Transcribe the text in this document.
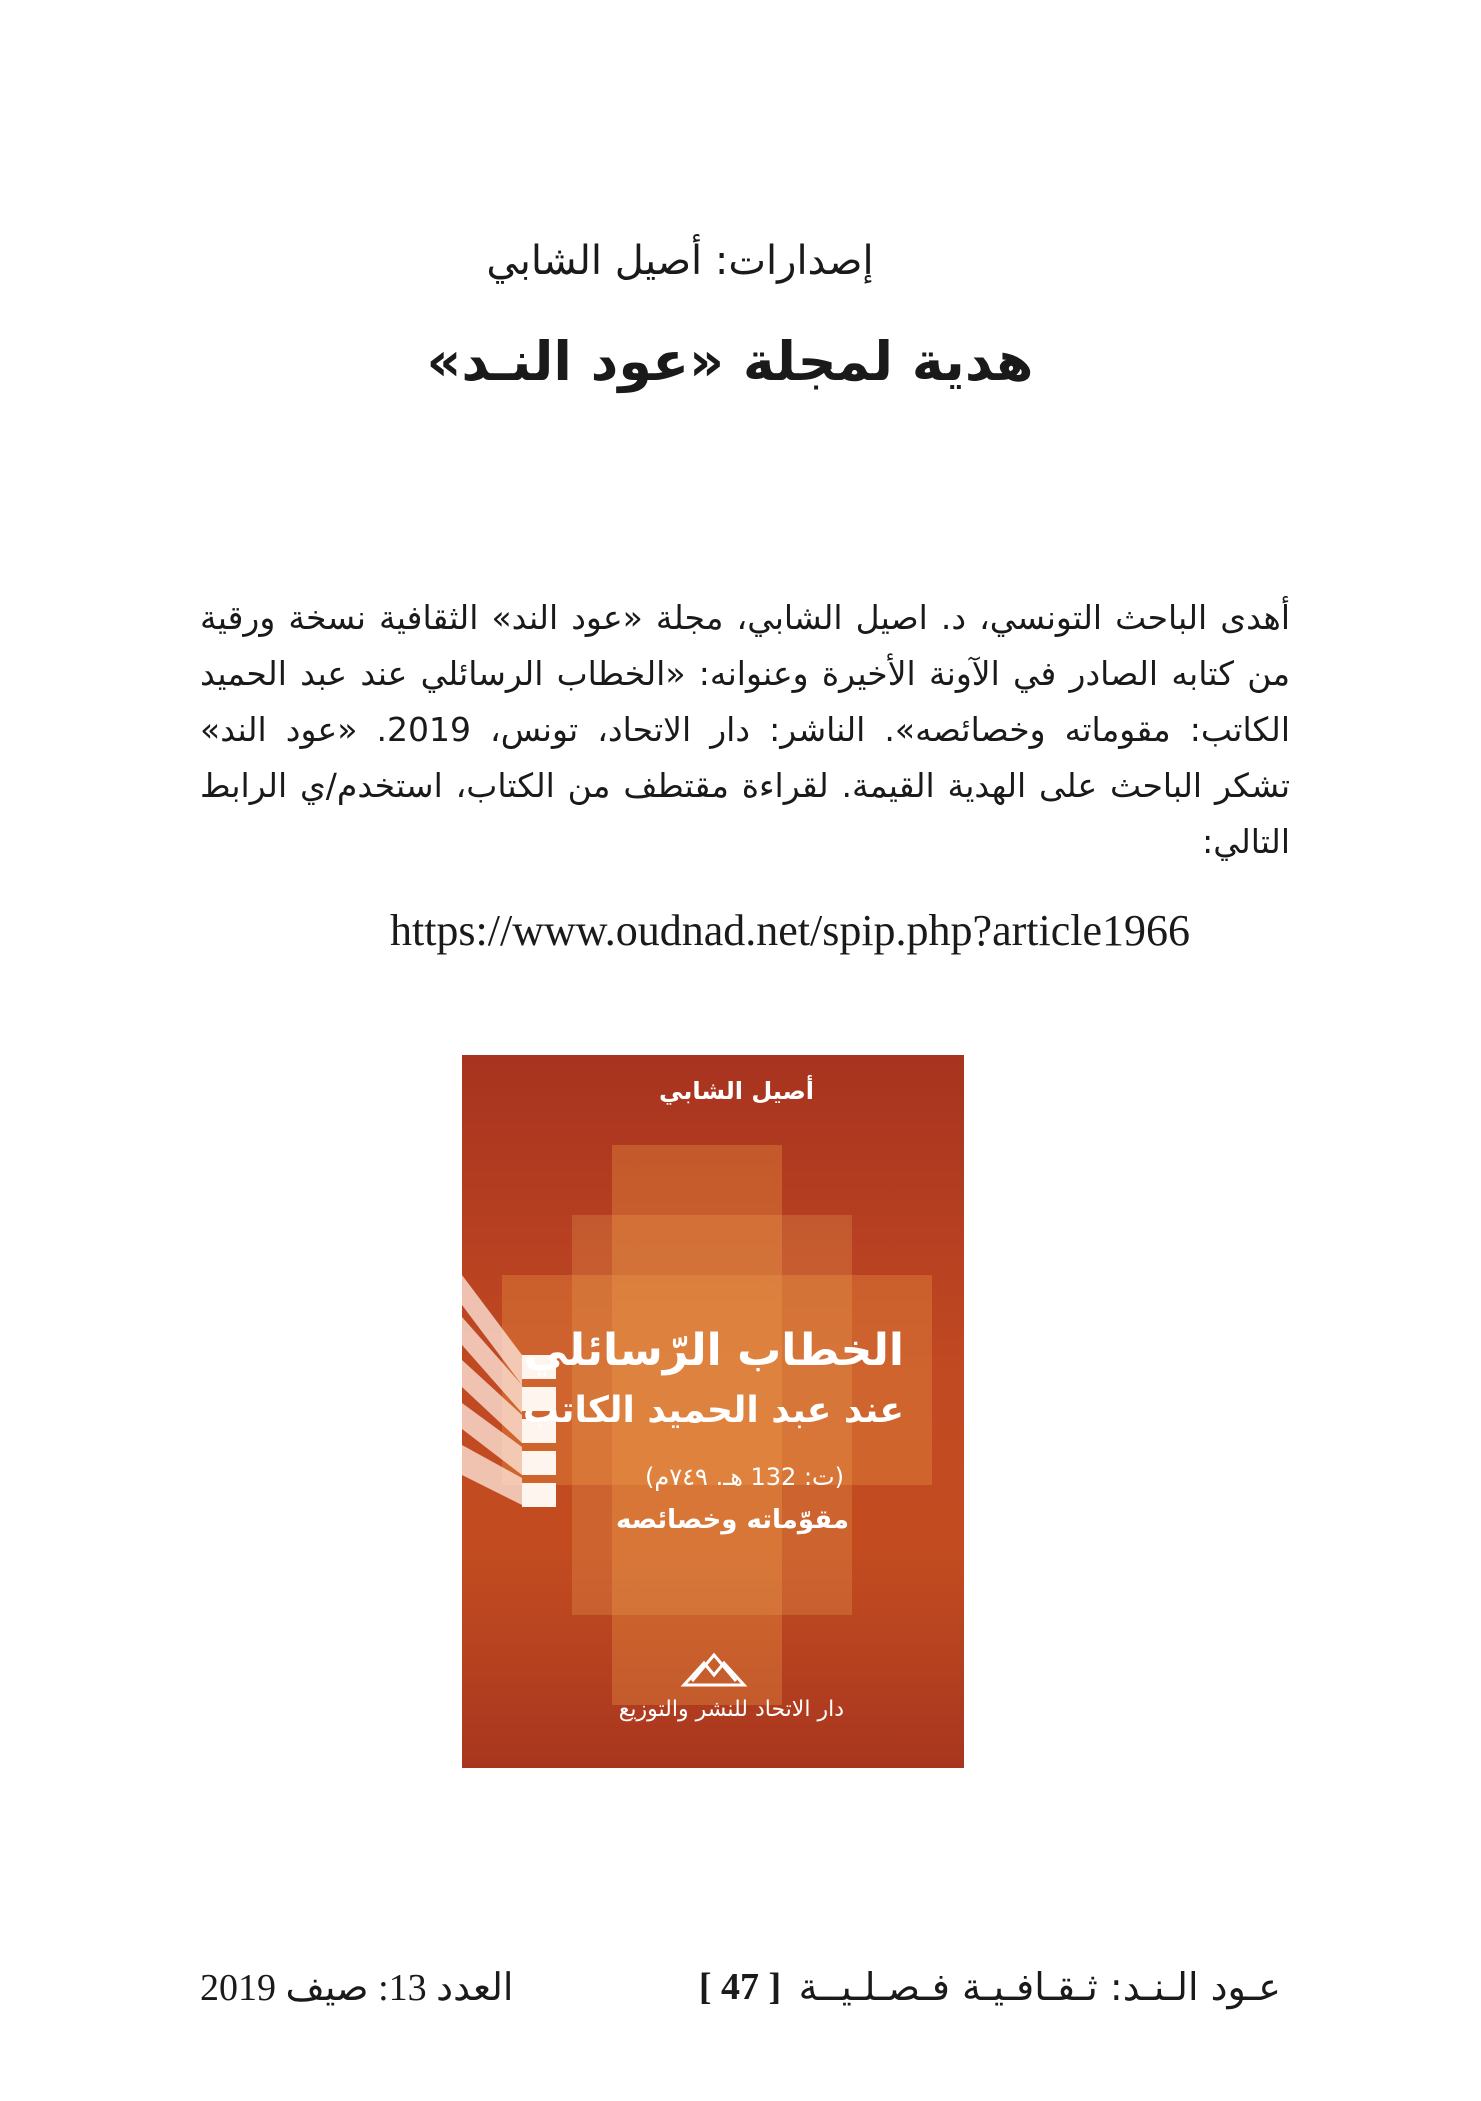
إصدارات: أصيل الشابي
هدية لمجلة «عود النـد»
أهدى الباحث التونسي، د. اصيل الشابي، مجلة «عود الند» الثقافية نسخة ورقية من كتابه الصادر في الآونة الأخيرة وعنوانه: «الخطاب الرسائلي عند عبد الحميد الكاتب: مقوماته وخصائصه». الناشر: دار الاتحاد، تونس، 2019. «عود الند» تشكر الباحث على الهدية القيمة. لقراءة مقتطف من الكتاب، استخدم/ي الرابط التالي:
https://www.oudnad.net/spip.php?article1966
أصيل الشابي
الخطاب الرّسائلي
عند عبد الحميد الكاتب
(ت: 132 هـ. ٧٤٩م)
مقوّماته وخصائصه
دار الاتحاد للنشر والتوزيع
العدد 13: صيف 2019	[ 47 ] عـود الـنـد: ثـقـافـيـة فـصـلـيــة
